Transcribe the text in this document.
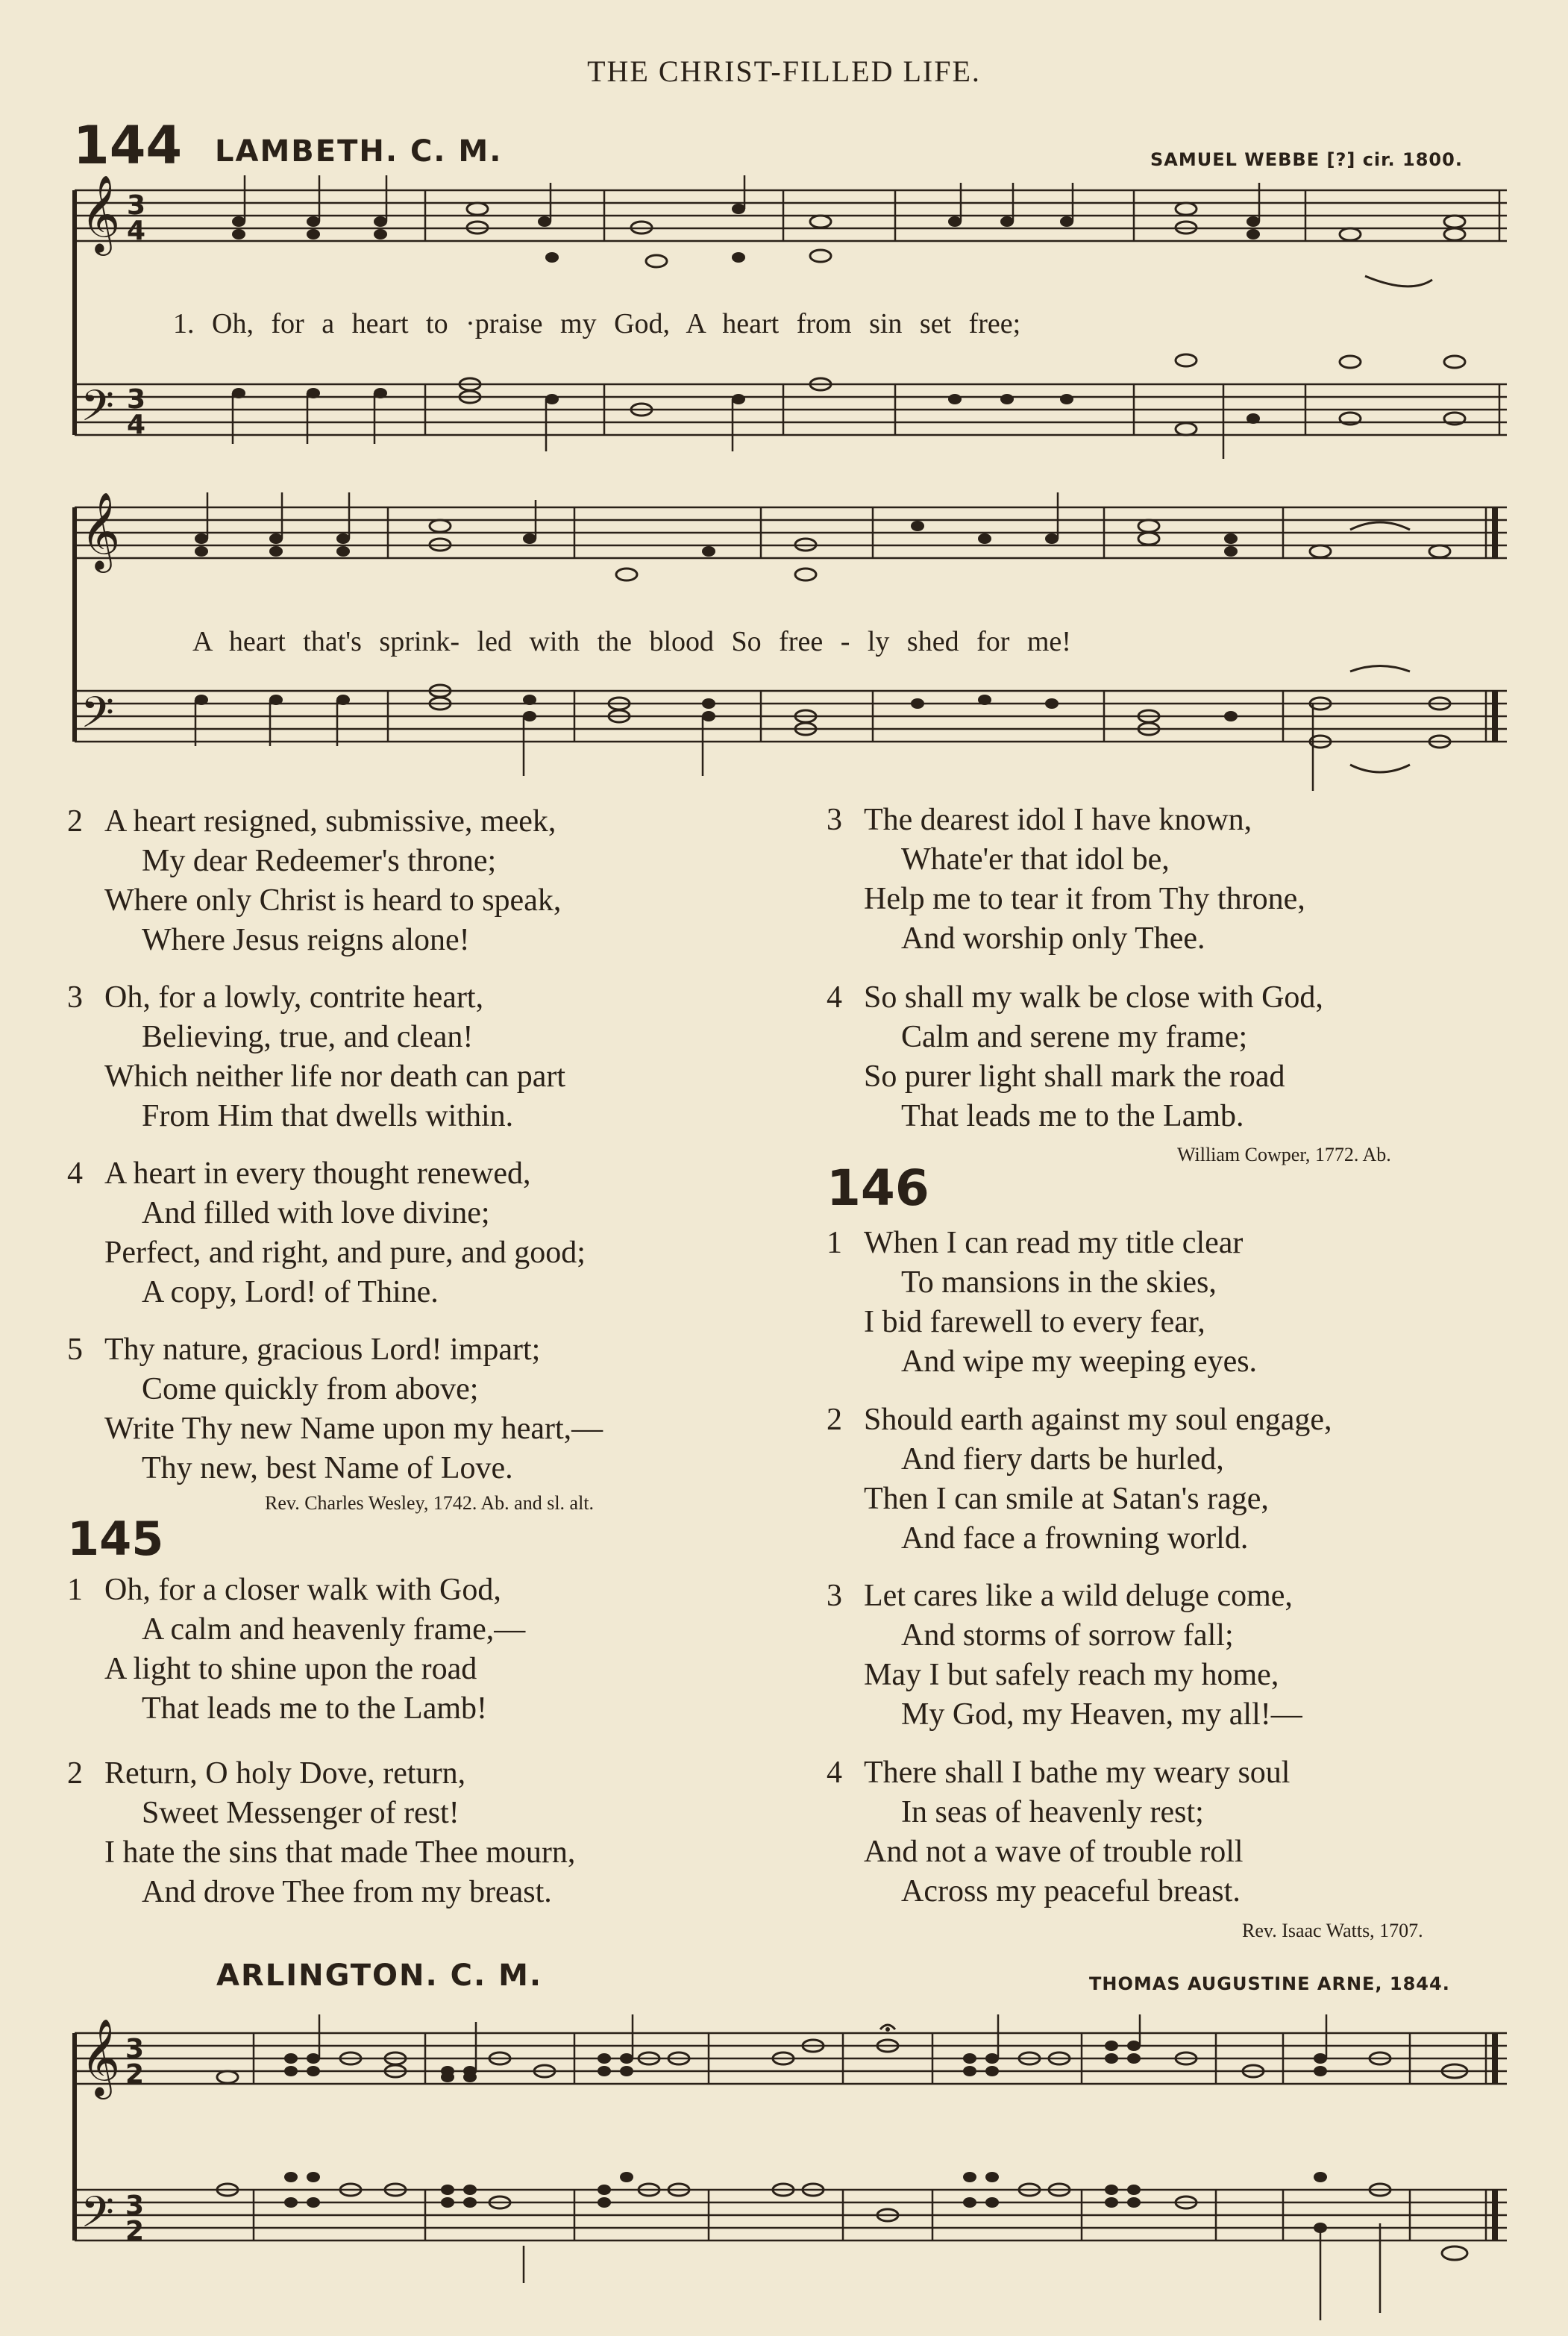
THE CHRIST-FILLED LIFE.
144 LAMBETH. C. M.	SAMUEL WEBBE [?] cir. 1800.
𝄞
𝄢
3
4
3
4
1. Oh, for a heart to ·praise my God, A heart from sin set free;
𝄞
𝄢
A heart that's sprink- led with the blood So free - ly shed for me!
2 A heart resigned, submissive, meek,
My dear Redeemer's throne;
Where only Christ is heard to speak,
Where Jesus reigns alone!
3 Oh, for a lowly, contrite heart,
Believing, true, and clean!
Which neither life nor death can part
From Him that dwells within.
4 A heart in every thought renewed,
And filled with love divine;
Perfect, and right, and pure, and good;
A copy, Lord! of Thine.
5 Thy nature, gracious Lord! impart;
Come quickly from above;
Write Thy new Name upon my heart,—
Thy new, best Name of Love.
Rev. Charles Wesley, 1742. Ab. and sl. alt.
145
1 Oh, for a closer walk with God,
A calm and heavenly frame,—
A light to shine upon the road
That leads me to the Lamb!
2 Return, O holy Dove, return,
Sweet Messenger of rest!
I hate the sins that made Thee mourn,
And drove Thee from my breast.
3 The dearest idol I have known,
Whate'er that idol be,
Help me to tear it from Thy throne,
And worship only Thee.
4 So shall my walk be close with God,
Calm and serene my frame;
So purer light shall mark the road
That leads me to the Lamb.
William Cowper, 1772. Ab.
146
1 When I can read my title clear
To mansions in the skies,
I bid farewell to every fear,
And wipe my weeping eyes.
2 Should earth against my soul engage,
And fiery darts be hurled,
Then I can smile at Satan's rage,
And face a frowning world.
3 Let cares like a wild deluge come,
And storms of sorrow fall;
May I but safely reach my home,
My God, my Heaven, my all!—
4 There shall I bathe my weary soul
In seas of heavenly rest;
And not a wave of trouble roll
Across my peaceful breast.
Rev. Isaac Watts, 1707.
ARLINGTON. C. M.	THOMAS AUGUSTINE ARNE, 1844.
𝄞
𝄢
3
2
3
2
